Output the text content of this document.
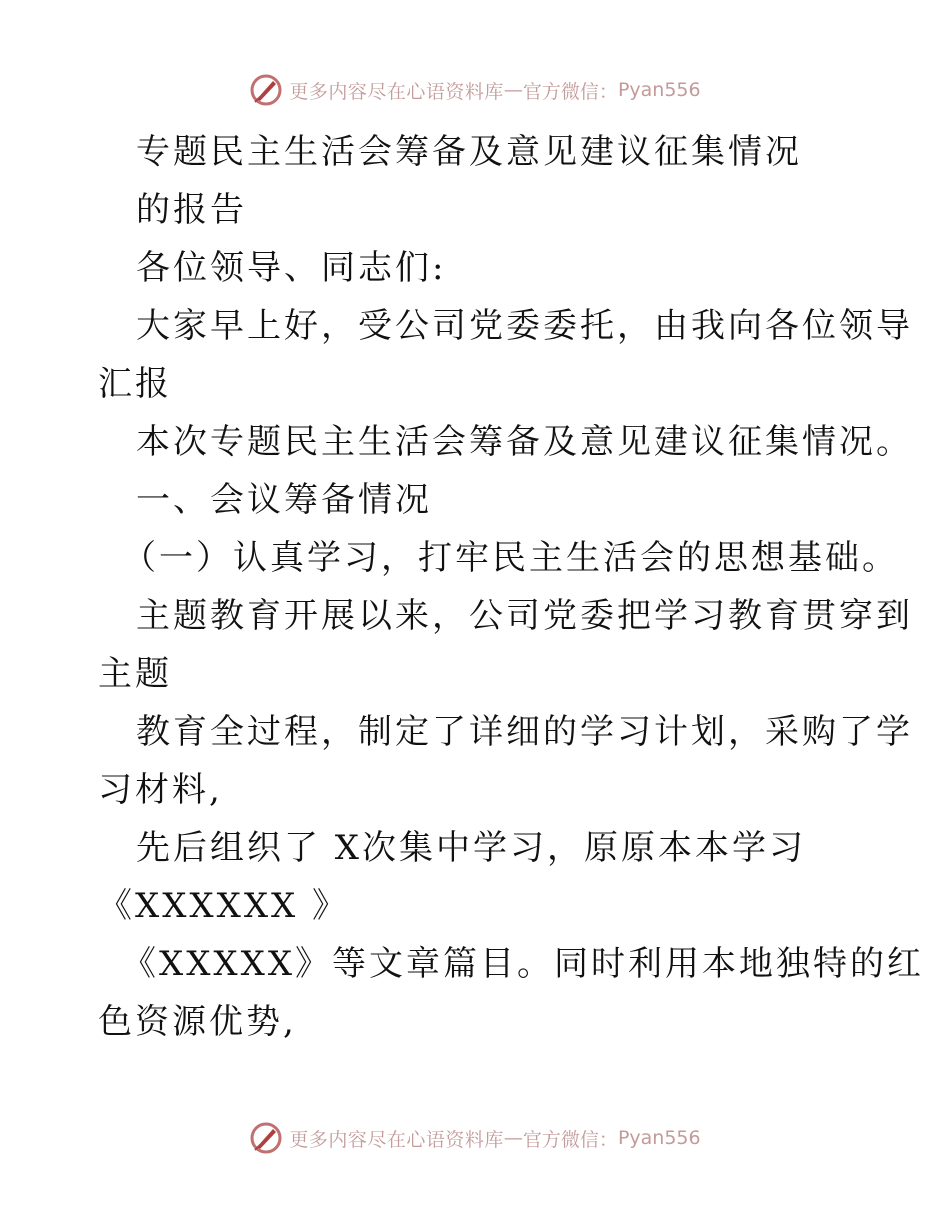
更多内容尽在心语资料库 — 官方微信： Pyan556
专题民主生活会筹备及意见建议征集情况
的报告
各位领导、同志们:
大家早上好，受公司党委委托，由我向各位领导
汇报
本次专题民主生活会筹备及意见建议征集情况。
一、会议筹备情况
（一）认真学习，打牢民主生活会的思想基础。
主题教育开展以来，公司党委把学习教育贯穿到
主题
教育全过程，制定了详细的学习计划，采购了学
习材料,
先后组织了 X次集中学习，原原本本学习
《XXXXXX 》
《XXXXX》等文章篇目。同时利用本地独特的红
色资源优势,
更多内容尽在心语资料库 — 官方微信： Pyan556
